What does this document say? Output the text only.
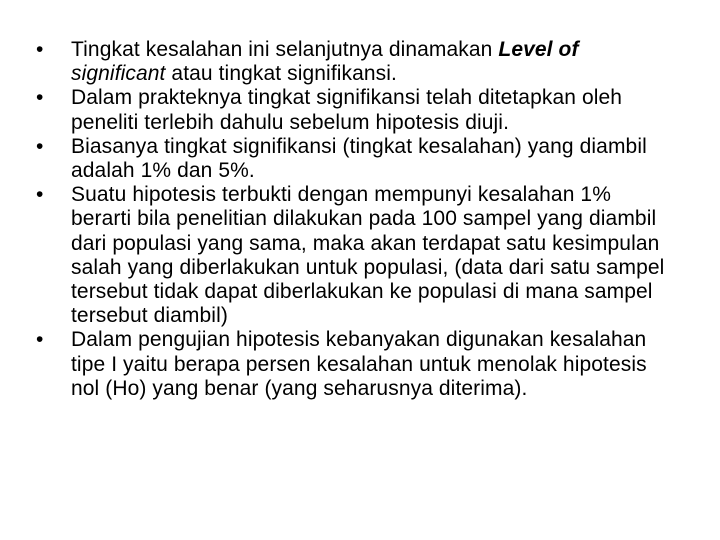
•	Tingkat kesalahan ini selanjutnya dinamakan Level of
significant atau tingkat signifikansi.
•	Dalam prakteknya tingkat signifikansi telah ditetapkan oleh peneliti terlebih dahulu sebelum hipotesis diuji.
•	Biasanya tingkat signifikansi (tingkat kesalahan) yang diambil adalah 1% dan 5%.
•	Suatu hipotesis terbukti dengan mempunyi kesalahan 1% berarti bila penelitian dilakukan pada 100 sampel yang diambil dari populasi yang sama, maka akan terdapat satu kesimpulan salah yang diberlakukan untuk populasi, (data dari satu sampel tersebut tidak dapat diberlakukan ke populasi di mana sampel tersebut diambil)
•	Dalam pengujian hipotesis kebanyakan digunakan kesalahan tipe I yaitu berapa persen kesalahan untuk menolak hipotesis nol (Ho) yang benar (yang seharusnya diterima).
